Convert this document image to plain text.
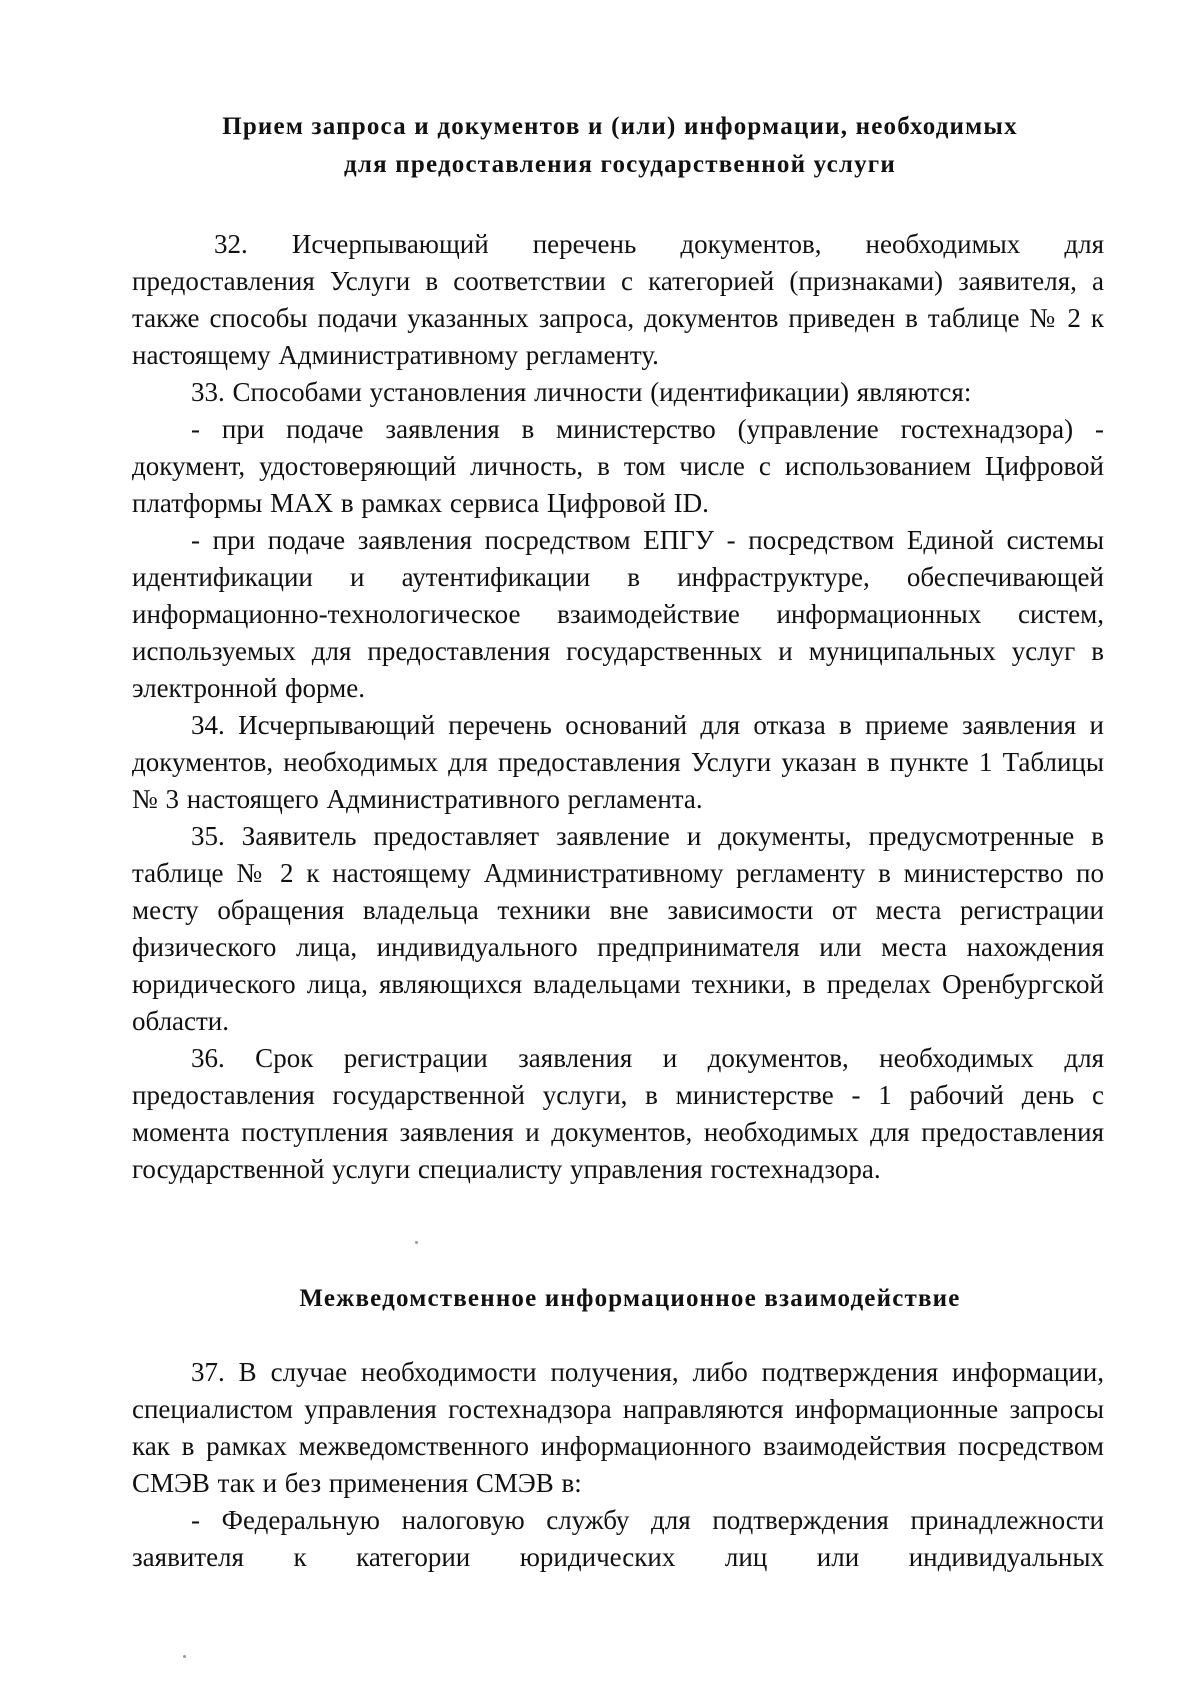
Прием запроса и документов и (или) информации, необходимых
для предоставления государственной услуги

32. Исчерпывающий перечень документов, необходимых для предоставления Услуги в соответствии с категорией (признаками) заявителя, а также способы подачи указанных запроса, документов приведен в таблице № 2 к настоящему Административному регламенту.

33. Способами установления личности (идентификации) являются:

- при подаче заявления в министерство (управление гостехнадзора) - документ, удостоверяющий личность, в том числе с использованием Цифровой платформы MAX в рамках сервиса Цифровой ID.

- при подаче заявления посредством ЕПГУ - посредством Единой системы идентификации и аутентификации в инфраструктуре, обеспечивающей информационно-технологическое взаимодействие информационных систем, используемых для предоставления государственных и муниципальных услуг в электронной форме.

34. Исчерпывающий перечень оснований для отказа в приеме заявления и документов, необходимых для предоставления Услуги указан в пункте 1 Таблицы № 3 настоящего Административного регламента.

35. Заявитель предоставляет заявление и документы, предусмотренные в таблице № 2 к настоящему Административному регламенту в министерство по месту обращения владельца техники вне зависимости от места регистрации физического лица, индивидуального предпринимателя или места нахождения юридического лица, являющихся владельцами техники, в пределах Оренбургской области.

36. Срок регистрации заявления и документов, необходимых для предоставления государственной услуги, в министерстве - 1 рабочий день с момента поступления заявления и документов, необходимых для предоставления государственной услуги специалисту управления гостехнадзора.

Межведомственное информационное взаимодействие

37. В случае необходимости получения, либо подтверждения информации, специалистом управления гостехнадзора направляются информационные запросы как в рамках межведомственного информационного взаимодействия посредством СМЭВ так и без применения СМЭВ в:

- Федеральную налоговую службу для подтверждения принадлежности заявителя к категории юридических лиц или индивидуальных
